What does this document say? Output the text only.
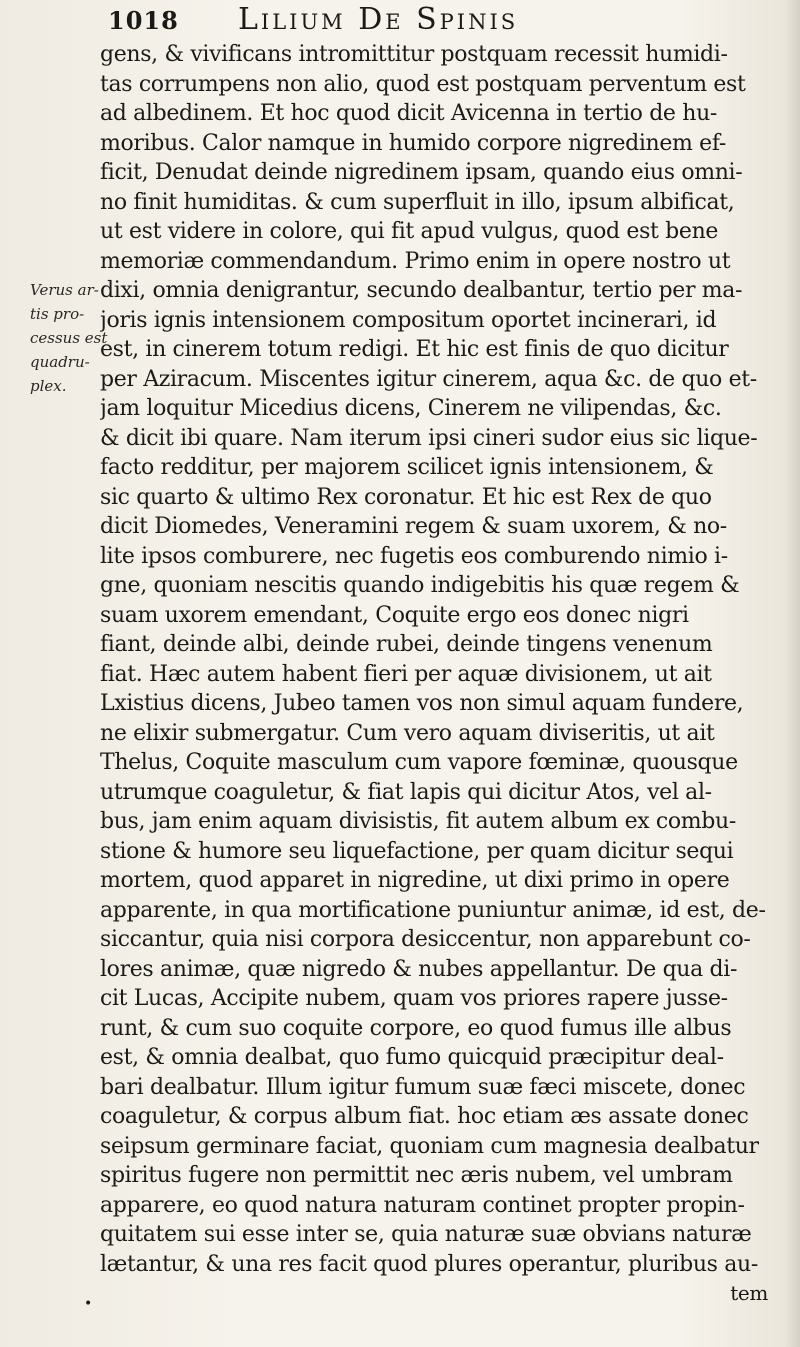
1018 Lilium De Spinis
Verus ar-
tis pro-
cessus est
quadru-
plex.
gens, & vivificans intromittitur postquam recessit humidi-
tas corrumpens non alio, quod est postquam perventum est
ad albedinem. Et hoc quod dicit Avicenna in tertio de hu-
moribus. Calor namque in humido corpore nigredinem ef-
ficit, Denudat deinde nigredinem ipsam, quando eius omni-
no finit humiditas. & cum superfluit in illo, ipsum albificat,
ut est videre in colore, qui fit apud vulgus, quod est bene
memoriæ commendandum. Primo enim in opere nostro ut
dixi, omnia denigrantur, secundo dealbantur, tertio per ma-
joris ignis intensionem compositum oportet incinerari, id
est, in cinerem totum redigi. Et hic est finis de quo dicitur
per Aziracum. Miscentes igitur cinerem, aqua &c. de quo et-
jam loquitur Micedius dicens, Cinerem ne vilipendas, &c.
& dicit ibi quare. Nam iterum ipsi cineri sudor eius sic lique-
facto redditur, per majorem scilicet ignis intensionem, &
sic quarto & ultimo Rex coronatur. Et hic est Rex de quo
dicit Diomedes, Veneramini regem & suam uxorem, & no-
lite ipsos comburere, nec fugetis eos comburendo nimio i-
gne, quoniam nescitis quando indigebitis his quæ regem &
suam uxorem emendant, Coquite ergo eos donec nigri
fiant, deinde albi, deinde rubei, deinde tingens venenum
fiat. Hæc autem habent fieri per aquæ divisionem, ut ait
Lxistius dicens, Jubeo tamen vos non simul aquam fundere,
ne elixir submergatur. Cum vero aquam diviseritis, ut ait
Thelus, Coquite masculum cum vapore fœminæ, quousque
utrumque coaguletur, & fiat lapis qui dicitur Atos, vel al-
bus, jam enim aquam divisistis, fit autem album ex combu-
stione & humore seu liquefactione, per quam dicitur sequi
mortem, quod apparet in nigredine, ut dixi primo in opere
apparente, in qua mortificatione puniuntur animæ, id est, de-
siccantur, quia nisi corpora desiccentur, non apparebunt co-
lores animæ, quæ nigredo & nubes appellantur. De qua di-
cit Lucas, Accipite nubem, quam vos priores rapere jusse-
runt, & cum suo coquite corpore, eo quod fumus ille albus
est, & omnia dealbat, quo fumo quicquid præcipitur deal-
bari dealbatur. Illum igitur fumum suæ fæci miscete, donec
coaguletur, & corpus album fiat. hoc etiam æs assate donec
seipsum germinare faciat, quoniam cum magnesia dealbatur
spiritus fugere non permittit nec æris nubem, vel umbram
apparere, eo quod natura naturam continet propter propin-
quitatem sui esse inter se, quia naturæ suæ obvians naturæ
lætantur, & una res facit quod plures operantur, pluribus au-
tem
•
